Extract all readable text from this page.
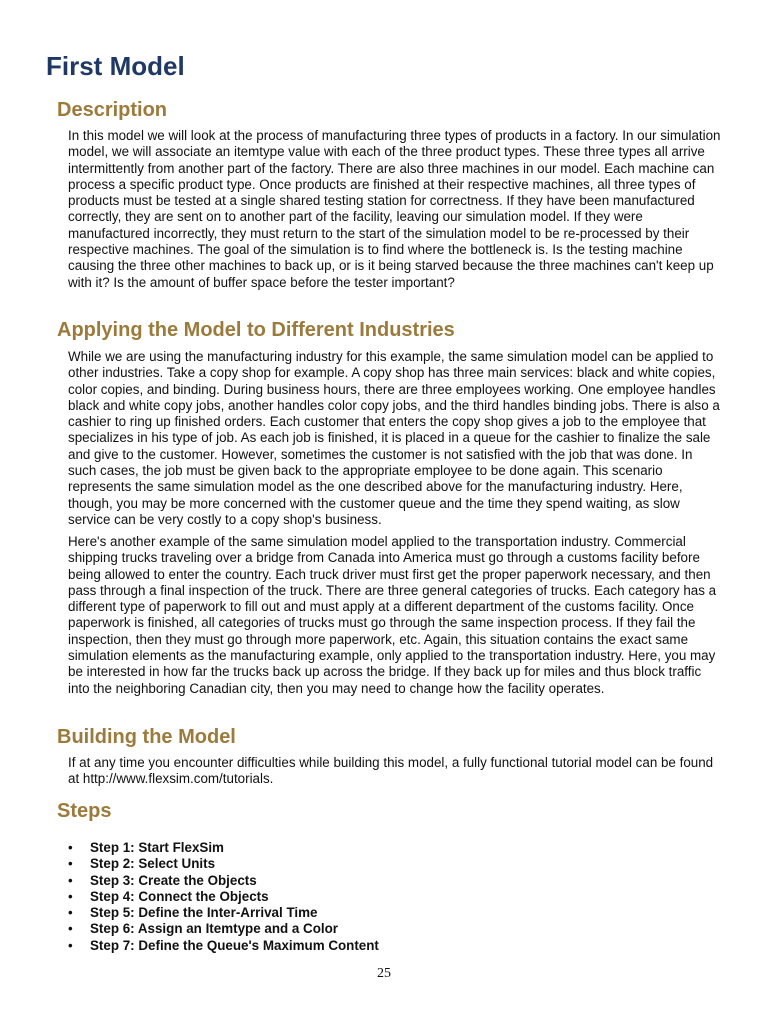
First Model
Description

In this model we will look at the process of manufacturing three types of products in a factory. In our simulation model, we will associate an itemtype value with each of the three product types. These three types all arrive intermittently from another part of the factory. There are also three machines in our model. Each machine can process a specific product type. Once products are finished at their respective machines, all three types of products must be tested at a single shared testing station for correctness. If they have been manufactured correctly, they are sent on to another part of the facility, leaving our simulation model. If they were manufactured incorrectly, they must return to the start of the simulation model to be re-processed by their respective machines. The goal of the simulation is to find where the bottleneck is. Is the testing machine causing the three other machines to back up, or is it being starved because the three machines can't keep up with it? Is the amount of buffer space before the tester important?

Applying the Model to Different Industries

While we are using the manufacturing industry for this example, the same simulation model can be applied to other industries. Take a copy shop for example. A copy shop has three main services: black and white copies, color copies, and binding. During business hours, there are three employees working. One employee handles black and white copy jobs, another handles color copy jobs, and the third handles binding jobs. There is also a cashier to ring up finished orders. Each customer that enters the copy shop gives a job to the employee that specializes in his type of job. As each job is finished, it is placed in a queue for the cashier to finalize the sale and give to the customer. However, sometimes the customer is not satisfied with the job that was done. In such cases, the job must be given back to the appropriate employee to be done again. This scenario represents the same simulation model as the one described above for the manufacturing industry. Here, though, you may be more concerned with the customer queue and the time they spend waiting, as slow service can be very costly to a copy shop's business.

Here's another example of the same simulation model applied to the transportation industry. Commercial shipping trucks traveling over a bridge from Canada into America must go through a customs facility before being allowed to enter the country. Each truck driver must first get the proper paperwork necessary, and then pass through a final inspection of the truck. There are three general categories of trucks. Each category has a different type of paperwork to fill out and must apply at a different department of the customs facility. Once paperwork is finished, all categories of trucks must go through the same inspection process. If they fail the inspection, then they must go through more paperwork, etc. Again, this situation contains the exact same simulation elements as the manufacturing example, only applied to the transportation industry. Here, you may be interested in how far the trucks back up across the bridge. If they back up for miles and thus block traffic into the neighboring Canadian city, then you may need to change how the facility operates.

Building the Model

If at any time you encounter difficulties while building this model, a fully functional tutorial model can be found at http://www.flexsim.com/tutorials.

Steps
• Step 1: Start FlexSim
• Step 2: Select Units
• Step 3: Create the Objects
• Step 4: Connect the Objects
• Step 5: Define the Inter-Arrival Time
• Step 6: Assign an Itemtype and a Color
• Step 7: Define the Queue's Maximum Content
25
